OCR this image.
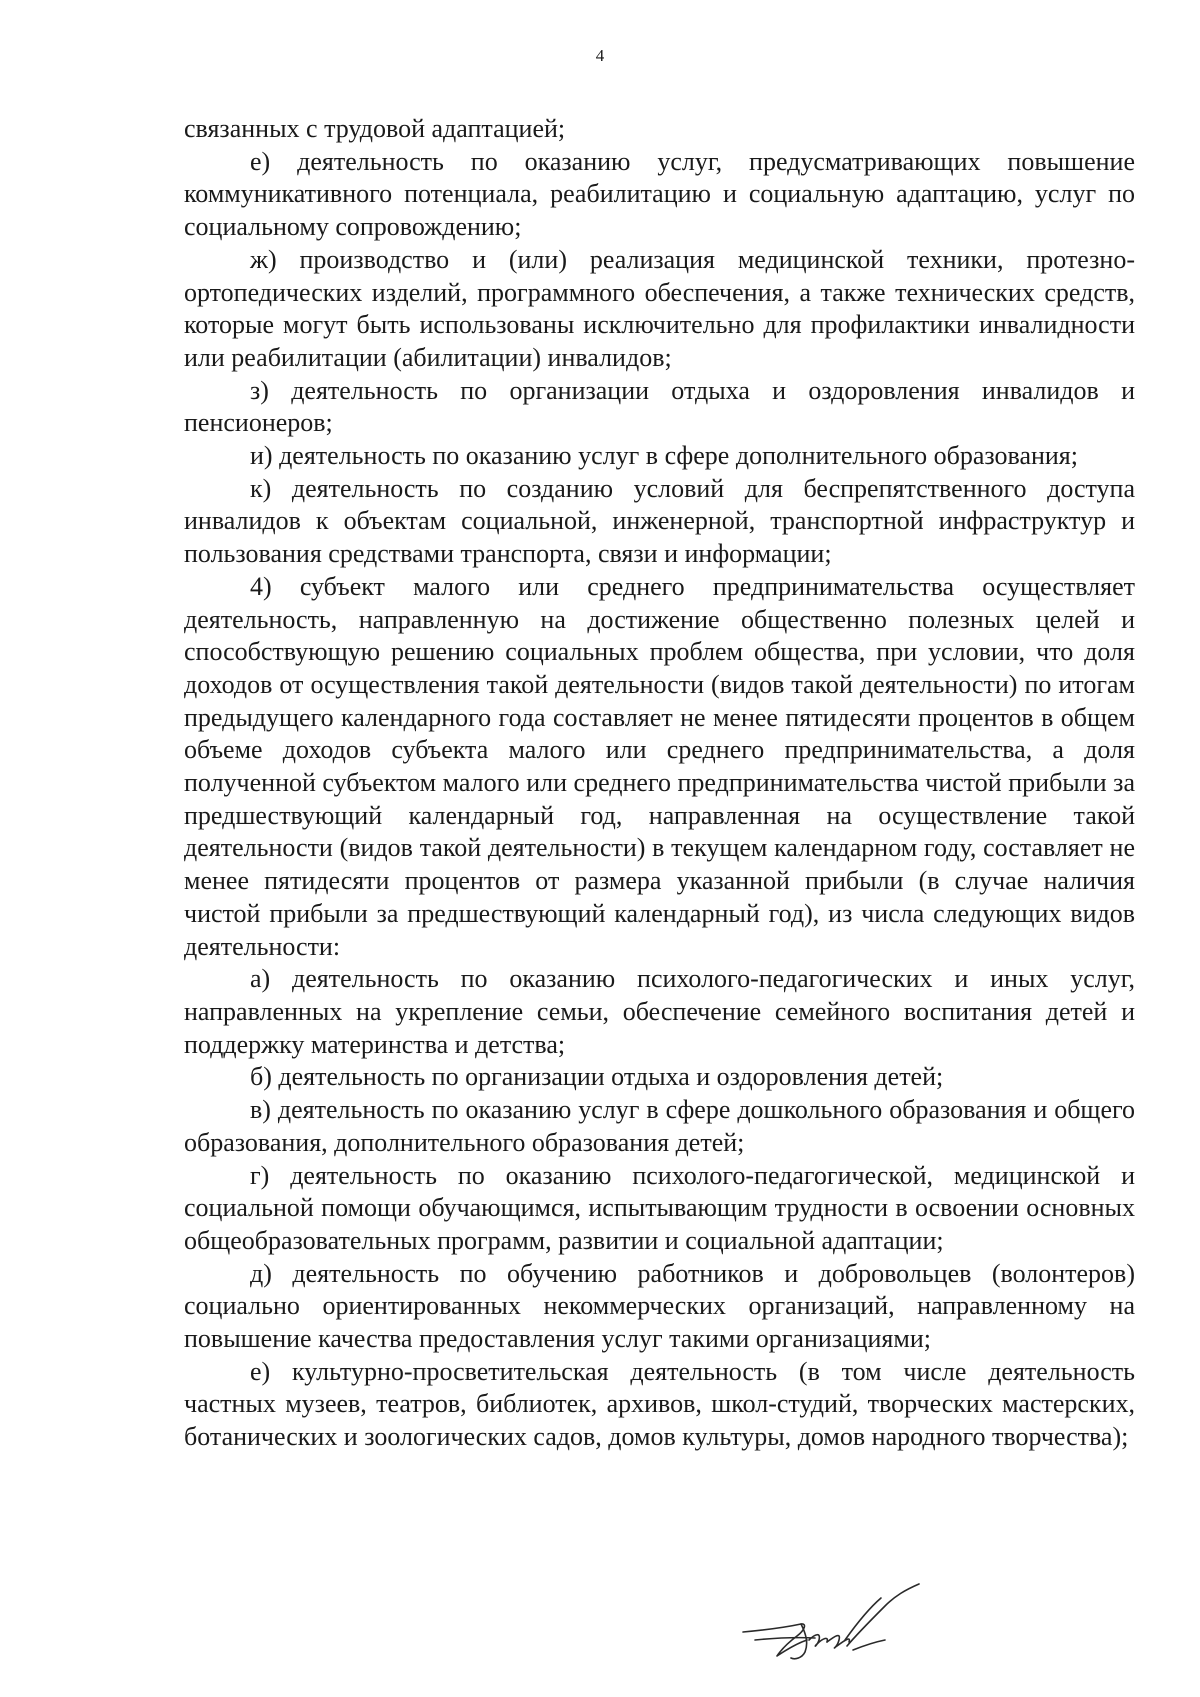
4

связанных с трудовой адаптацией;

е) деятельность по оказанию услуг, предусматривающих повышение коммуникативного потенциала, реабилитацию и социальную адаптацию, услуг по социальному сопровождению;

ж) производство и (или) реализация медицинской техники, протезно-ортопедических изделий, программного обеспечения, а также технических средств, которые могут быть использованы исключительно для профилактики инвалидности или реабилитации (абилитации) инвалидов;

з) деятельность по организации отдыха и оздоровления инвалидов и пенсионеров;

и) деятельность по оказанию услуг в сфере дополнительного образования;

к) деятельность по созданию условий для беспрепятственного доступа инвалидов к объектам социальной, инженерной, транспортной инфраструктур и пользования средствами транспорта, связи и информации;

4) субъект малого или среднего предпринимательства осуществляет деятельность, направленную на достижение общественно полезных целей и способствующую решению социальных проблем общества, при условии, что доля доходов от осуществления такой деятельности (видов такой деятельности) по итогам предыдущего календарного года составляет не менее пятидесяти процентов в общем объеме доходов субъекта малого или среднего предпринимательства, а доля полученной субъектом малого или среднего предпринимательства чистой прибыли за предшествующий календарный год, направленная на осуществление такой деятельности (видов такой деятельности) в текущем календарном году, составляет не менее пятидесяти процентов от размера указанной прибыли (в случае наличия чистой прибыли за предшествующий календарный год), из числа следующих видов деятельности:

а) деятельность по оказанию психолого-педагогических и иных услуг, направленных на укрепление семьи, обеспечение семейного воспитания детей и поддержку материнства и детства;

б) деятельность по организации отдыха и оздоровления детей;

в) деятельность по оказанию услуг в сфере дошкольного образования и общего образования, дополнительного образования детей;

г) деятельность по оказанию психолого-педагогической, медицинской и социальной помощи обучающимся, испытывающим трудности в освоении основных общеобразовательных программ, развитии и социальной адаптации;

д) деятельность по обучению работников и добровольцев (волонтеров) социально ориентированных некоммерческих организаций, направленному на повышение качества предоставления услуг такими организациями;

е) культурно-просветительская деятельность (в том числе деятельность частных музеев, театров, библиотек, архивов, школ-студий, творческих мастерских, ботанических и зоологических садов, домов культуры, домов народного творчества);
